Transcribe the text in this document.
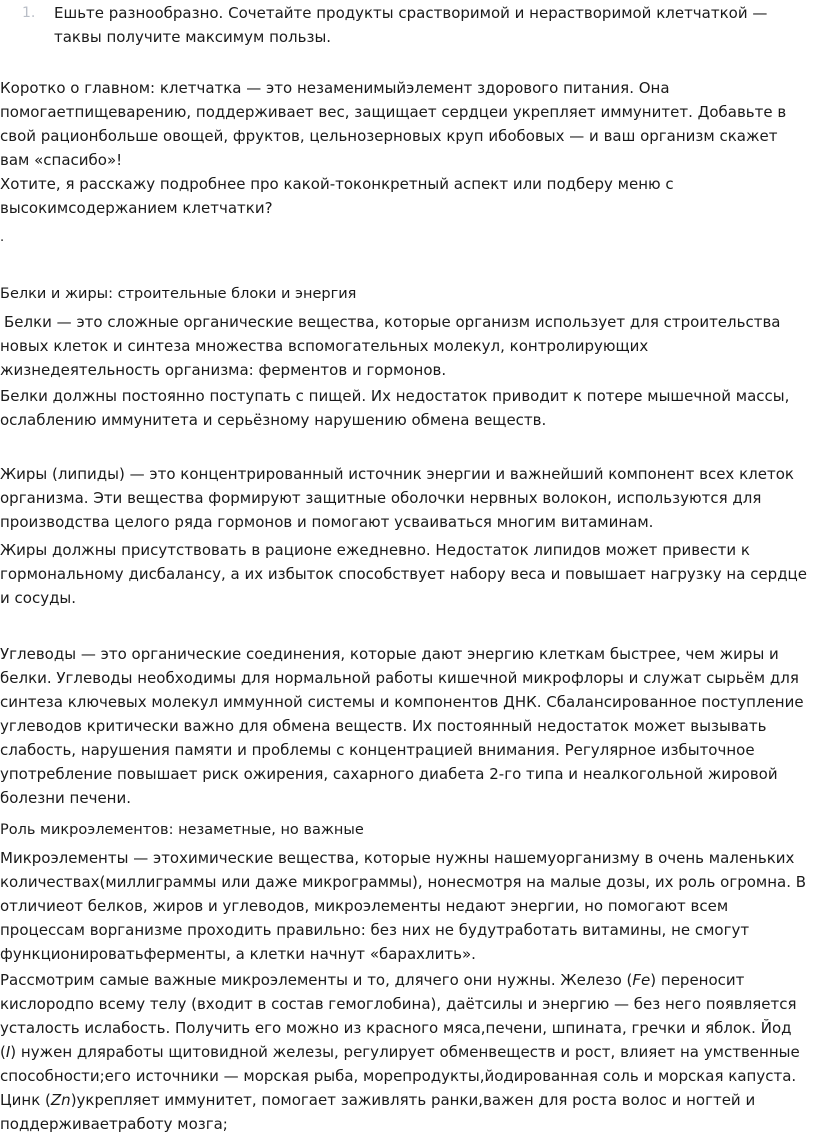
1. Ешьте разнообразно. Сочетайте продукты срастворимой и нерастворимой клетчаткой — таквы получите максимум пользы.

Коротко о главном: клетчатка — это незаменимыйэлемент здорового питания. Она помогаетпищеварению, поддерживает вес, защищает сердцеи укрепляет иммунитет. Добавьте в свой рационбольше овощей, фруктов, цельнозерновых круп ибобовых — и ваш организм скажет вам «спасибо»!

Хотите, я расскажу подробнее про какой-токонкретный аспект или подберу меню с высокимсодержанием клетчатки?

.

Белки и жиры: строительные блоки и энергия

Белки — это сложные органические вещества, которые организм использует для строительства новых клеток и синтеза множества вспомогательных молекул, контролирующих жизнедеятельность организма: ферментов и гормонов.

Белки должны постоянно поступать с пищей. Их недостаток приводит к потере мышечной массы, ослаблению иммунитета и серьёзному нарушению обмена веществ.

Жиры (липиды) — это концентрированный источник энергии и важнейший компонент всех клеток организма. Эти вещества формируют защитные оболочки нервных волокон, используются для производства целого ряда гормонов и помогают усваиваться многим витаминам.

Жиры должны присутствовать в рационе ежедневно. Недостаток липидов может привести к гормональному дисбалансу, а их избыток способствует набору веса и повышает нагрузку на сердце и сосуды.

Углеводы — это органические соединения, которые дают энергию клеткам быстрее, чем жиры и белки. Углеводы необходимы для нормальной работы кишечной микрофлоры и служат сырьём для синтеза ключевых молекул иммунной системы и компонентов ДНК. Сбалансированное поступление углеводов критически важно для обмена веществ. Их постоянный недостаток может вызывать слабость, нарушения памяти и проблемы с концентрацией внимания. Регулярное избыточное употребление повышает риск ожирения, сахарного диабета 2-го типа и неалкогольной жировой болезни печени.

Роль микроэлементов: незаметные, но важные

Микроэлементы — этохимические вещества, которые нужны нашемуорганизму в очень маленьких количествах(миллиграммы или даже микрограммы), нонесмотря на малые дозы, их роль огромна. В отличиеот белков, жиров и углеводов, микроэлементы недают энергии, но помогают всем процессам ворганизме проходить правильно: без них не будутработать витамины, не смогут функционироватьферменты, а клетки начнут «барахлить».

Рассмотрим самые важные микроэлементы и то, длячего они нужны. Железо (Fe) переносит кислородпо всему телу (входит в состав гемоглобина), даётсилы и энергию — без него появляется усталость ислабость. Получить его можно из красного мяса,печени, шпината, гречки и яблок. Йод (I) нужен дляработы щитовидной железы, регулирует обменвеществ и рост, влияет на умственные способности;его источники — морская рыба, морепродукты,йодированная соль и морская капуста. Цинк (Zn)укрепляет иммунитет, помогает заживлять ранки,важен для роста волос и ногтей и поддерживаетработу мозга;
